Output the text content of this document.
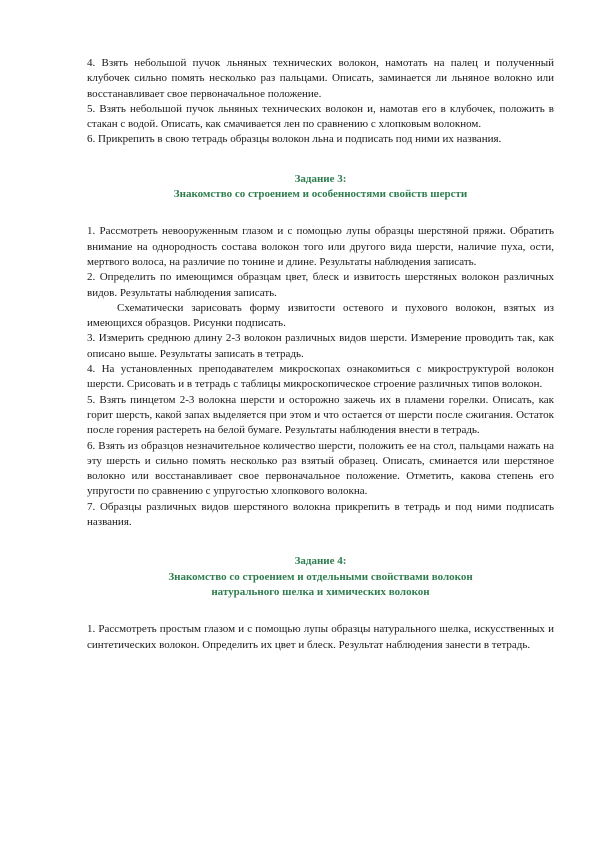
4. Взять небольшой пучок льняных технических волокон, намотать на палец и полученный клубочек сильно помять несколько раз пальцами. Описать, заминается ли льняное волокно или восстанавливает свое первоначальное положение.

5. Взять небольшой пучок льняных технических волокон и, намотав его в клубочек, положить в стакан с водой. Описать, как смачивается лен по сравнению с хлопковым волокном.

6. Прикрепить в свою тетрадь образцы волокон льна и подписать под ними их названия.

Задание 3:

Знакомство со строением и особенностями свойств шерсти

1. Рассмотреть невооруженным глазом и с помощью лупы образцы шерстяной пряжи. Обратить внимание на однородность состава волокон того или другого вида шерсти, наличие пуха, ости, мертвого волоса, на различие по тонине и длине. Результаты наблюдения записать.

2. Определить по имеющимся образцам цвет, блеск и извитость шерстяных волокон различных видов. Результаты наблюдения записать.

Схематически зарисовать форму извитости остевого и пухового волокон, взятых из имеющихся образцов. Рисунки подписать.

3. Измерить среднюю длину 2-3 волокон различных видов шерсти. Измерение проводить так, как описано выше. Результаты записать в тетрадь.

4. На установленных преподавателем микроскопах ознакомиться с микроструктурой волокон шерсти. Срисовать и в тетрадь с таблицы микроскопическое строение различных типов волокон.

5. Взять пинцетом 2-3 волокна шерсти и осторожно зажечь их в пламени горелки. Описать, как горит шерсть, какой запах выделяется при этом и что остается от шерсти после сжигания. Остаток после горения растереть на белой бумаге. Результаты наблюдения внести в тетрадь.

6. Взять из образцов незначительное количество шерсти, положить ее на стол, пальцами нажать на эту шерсть и сильно помять несколько раз взятый образец. Описать, сминается или шерстяное волокно или восстанавливает свое первоначальное положение. Отметить, какова степень его упругости по сравнению с упругостью хлопкового волокна.

7. Образцы различных видов шерстяного волокна прикрепить в тетрадь и под ними подписать названия.

Задание 4:

Знакомство со строением и отдельными свойствами волокон натурального шелка и химических волокон

1. Рассмотреть простым глазом и с помощью лупы образцы натурального шелка, искусственных и синтетических волокон. Определить их цвет и блеск. Результат наблюдения занести в тетрадь.
